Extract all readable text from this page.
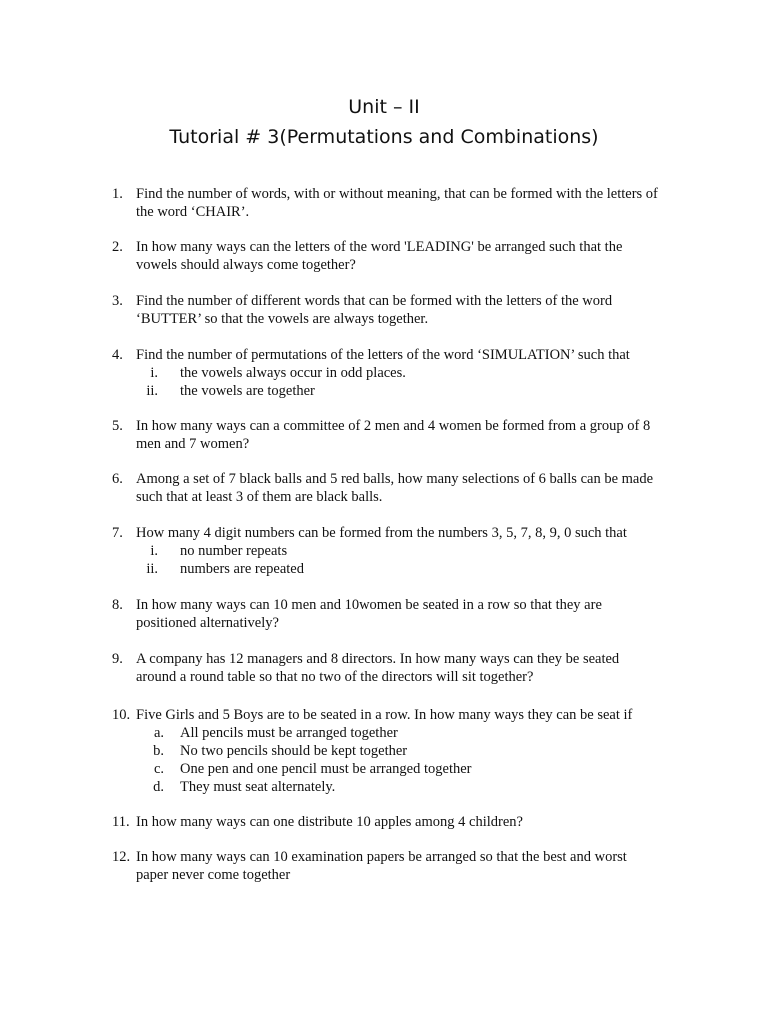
Unit – II
Tutorial # 3(Permutations and Combinations)
1. Find the number of words, with or without meaning, that can be formed with the letters of
the word ‘CHAIR’.
2. In how many ways can the letters of the word 'LEADING' be arranged such that the
vowels should always come together?
3. Find the number of different words that can be formed with the letters of the word
‘BUTTER’ so that the vowels are always together.
4. Find the number of permutations of the letters of the word ‘SIMULATION’ such that
i. the vowels always occur in odd places.
ii. the vowels are together
5. In how many ways can a committee of 2 men and 4 women be formed from a group of 8
men and 7 women?
6. Among a set of 7 black balls and 5 red balls, how many selections of 6 balls can be made
such that at least 3 of them are black balls.
7. How many 4 digit numbers can be formed from the numbers 3, 5, 7, 8, 9, 0 such that
i. no number repeats
ii. numbers are repeated
8. In how many ways can 10 men and 10women be seated in a row so that they are
positioned alternatively?
9. A company has 12 managers and 8 directors. In how many ways can they be seated
around a round table so that no two of the directors will sit together?
10. Five Girls and 5 Boys are to be seated in a row. In how many ways they can be seat if
a. All pencils must be arranged together
b. No two pencils should be kept together
c. One pen and one pencil must be arranged together
d. They must seat alternately.
11. In how many ways can one distribute 10 apples among 4 children?
12. In how many ways can 10 examination papers be arranged so that the best and worst
paper never come together
